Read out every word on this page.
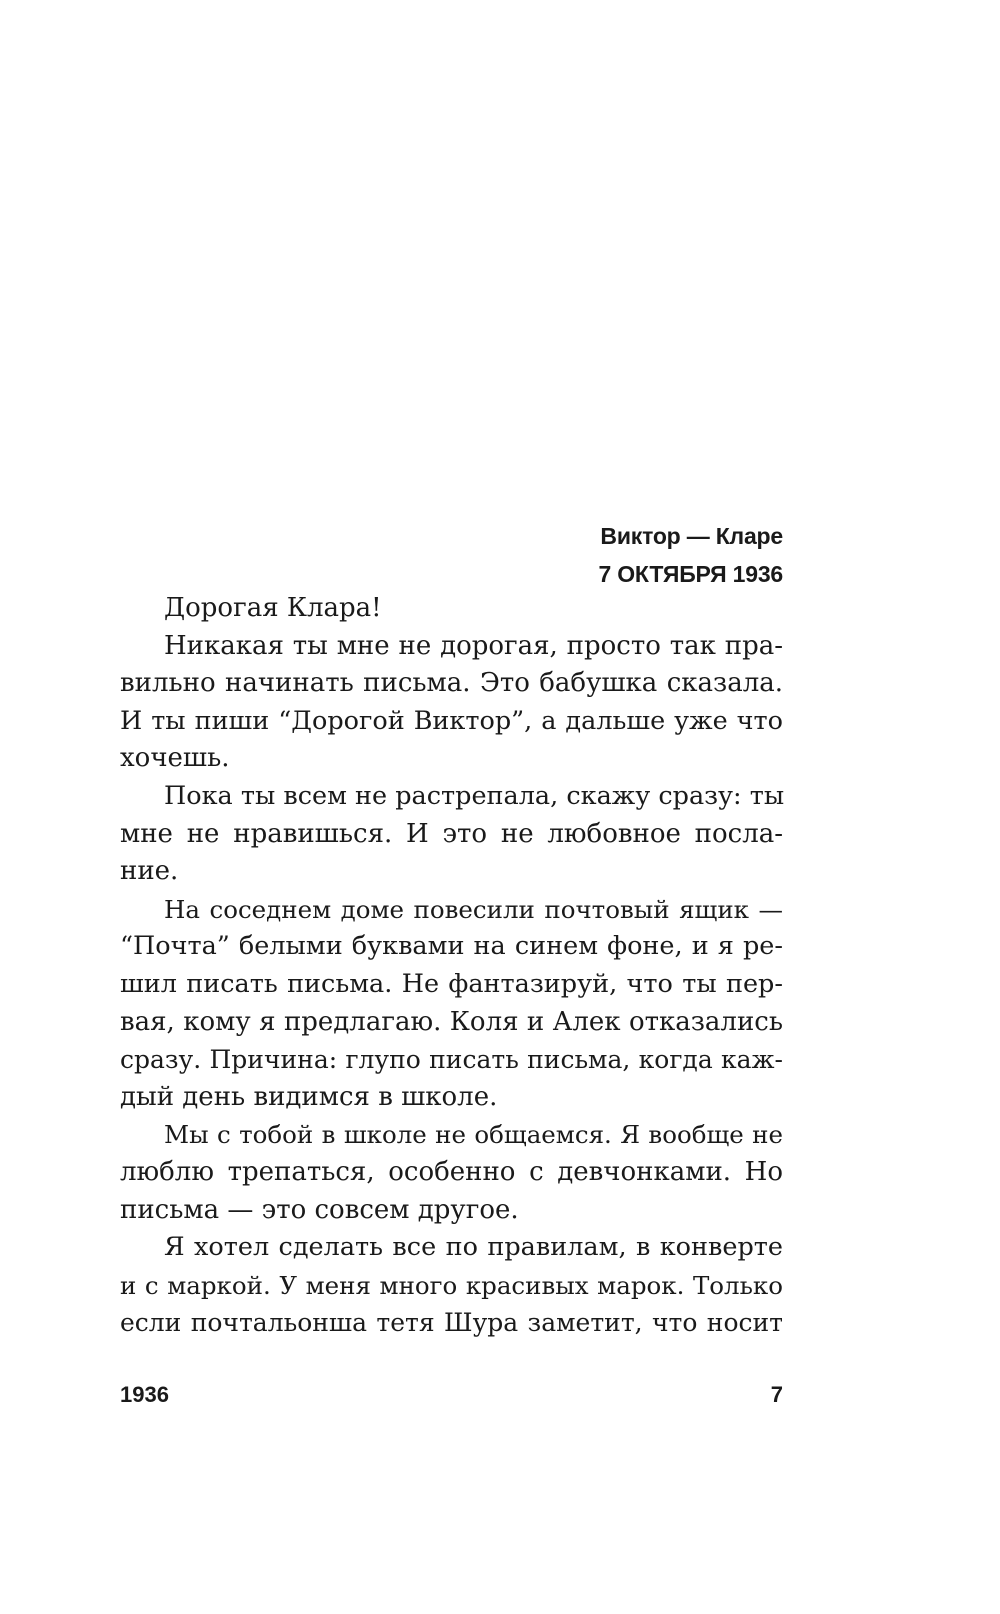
Виктор — Кларе
7 ОКТЯБРЯ 1936
Дорогая Клара!
Никакая ты мне не дорогая, просто так пра-
вильно начинать письма. Это бабушка сказала.
И ты пиши “Дорогой Виктор”, а дальше уже что
хочешь.
Пока ты всем не растрепала, скажу сразу: ты
мне не нравишься. И это не любовное посла-
ние.
На соседнем доме повесили почтовый ящик —
“Почта” белыми буквами на синем фоне, и я ре-
шил писать письма. Не фантазируй, что ты пер-
вая, кому я предлагаю. Коля и Алек отказались
сразу. Причина: глупо писать письма, когда каж-
дый день видимся в школе.
Мы с тобой в школе не общаемся. Я вообще не
люблю трепаться, особенно с девчонками. Но
письма — это совсем другое.
Я хотел сделать все по правилам, в конверте
и с маркой. У меня много красивых марок. Только
если почтальонша тетя Шура заметит, что носит
1936	7
